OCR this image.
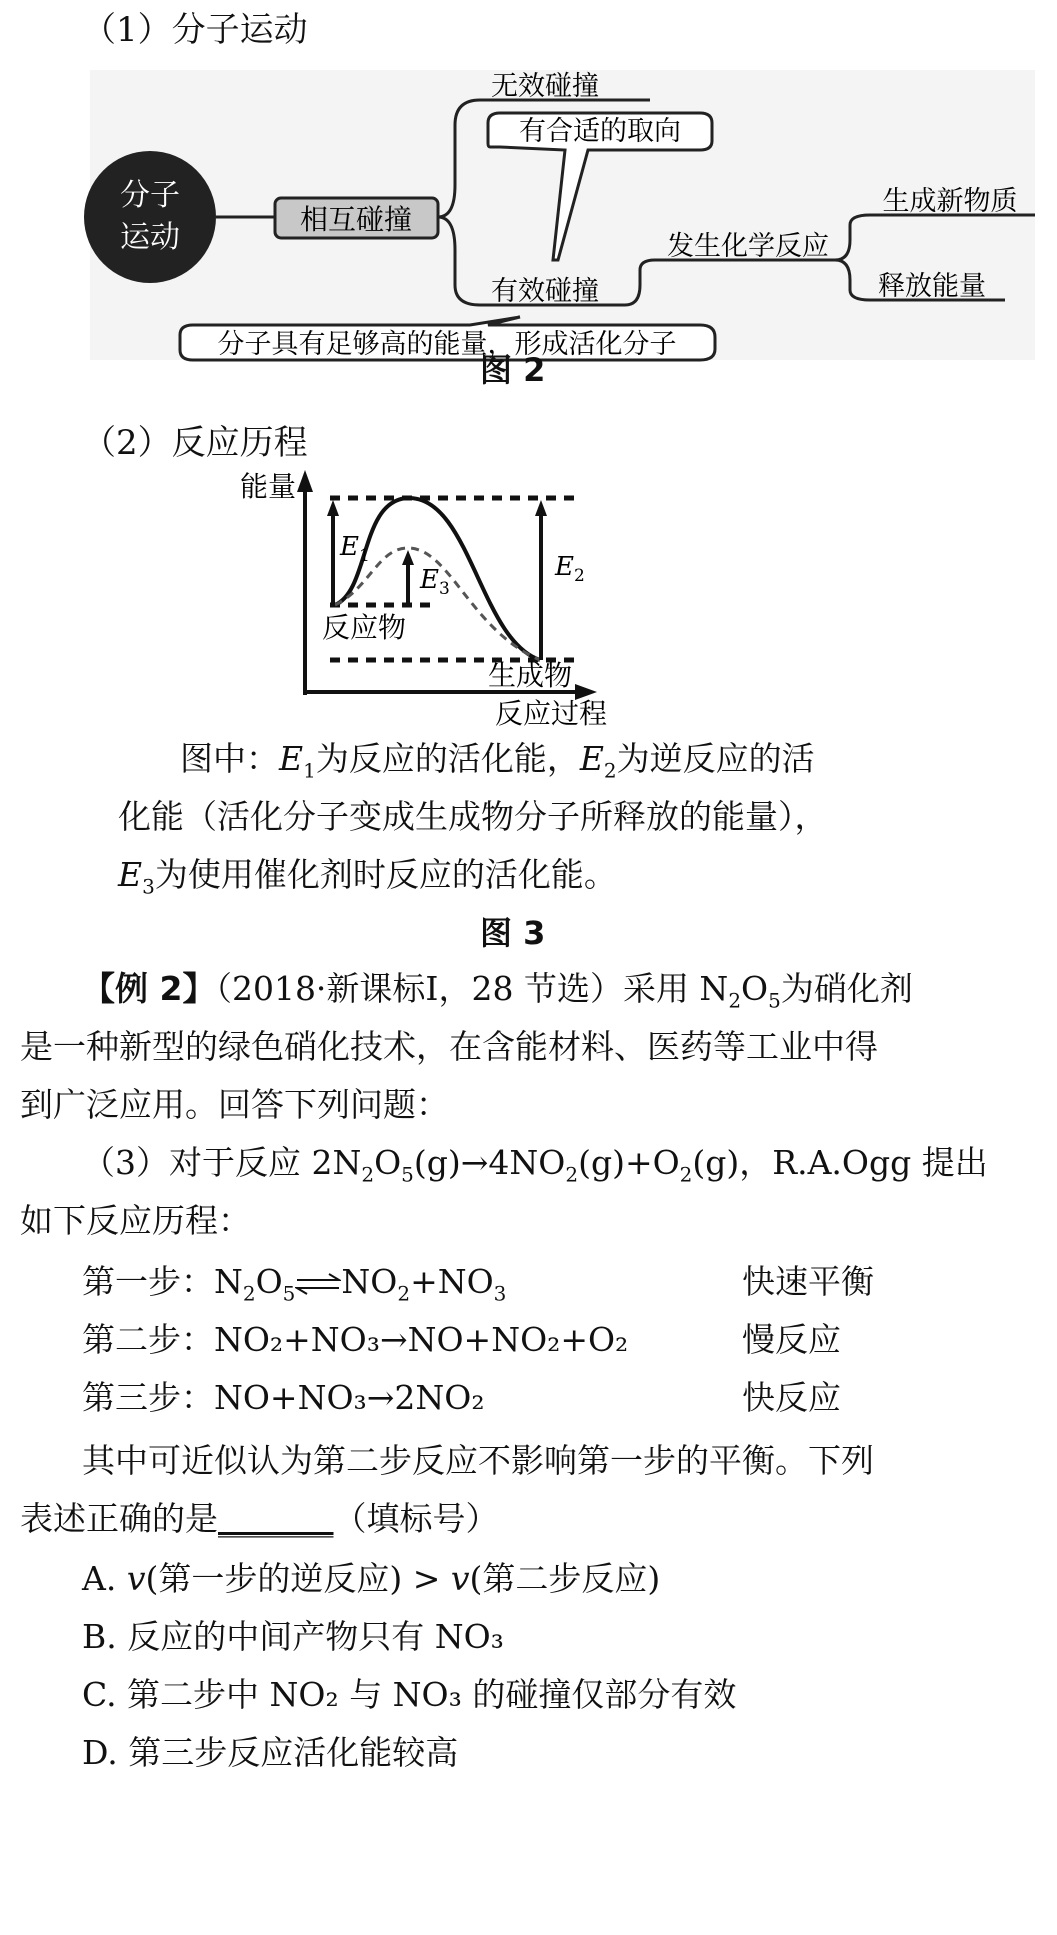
（1）分子运动
分子
运动
相互碰撞
无效碰撞
有效碰撞
发生化学反应
生成新物质
释放能量
有合适的取向
分子具有足够高的能量，形成活化分子
图 2
（2）反应历程
能量
反应过程
$E_1$
$E_3$
$E_2$
反应物
生成物
图中：$E_1$为反应的活化能，$E_2$为逆反应的活
化能（活化分子变成生成物分子所释放的能量），
$E_3$为使用催化剂时反应的活化能。
图 3
【例 2】（2018·新课标Ⅰ，28 节选）采用 $N_2O_5$为硝化剂
是一种新型的绿色硝化技术，在含能材料、医药等工业中得
到广泛应用。回答下列问题：
（3）对于反应 $2N_2O_5(g)\to 4NO_2(g)+O_2(g)$，R.A.Ogg 提出
如下反应历程：
第一步：$N_2O_5\rightleftharpoons NO_2+NO_3$	快速平衡
第二步：NO₂+NO₃→NO+NO₂+O₂	慢反应
第三步：NO+NO₃→2NO₂	快反应
其中可近似认为第二步反应不影响第一步的平衡。下列
表述正确的是_______（填标号）
A. v(第一步的逆反应) > v(第二步反应)
B. 反应的中间产物只有 NO₃
C. 第二步中 NO₂ 与 NO₃ 的碰撞仅部分有效
D. 第三步反应活化能较高
